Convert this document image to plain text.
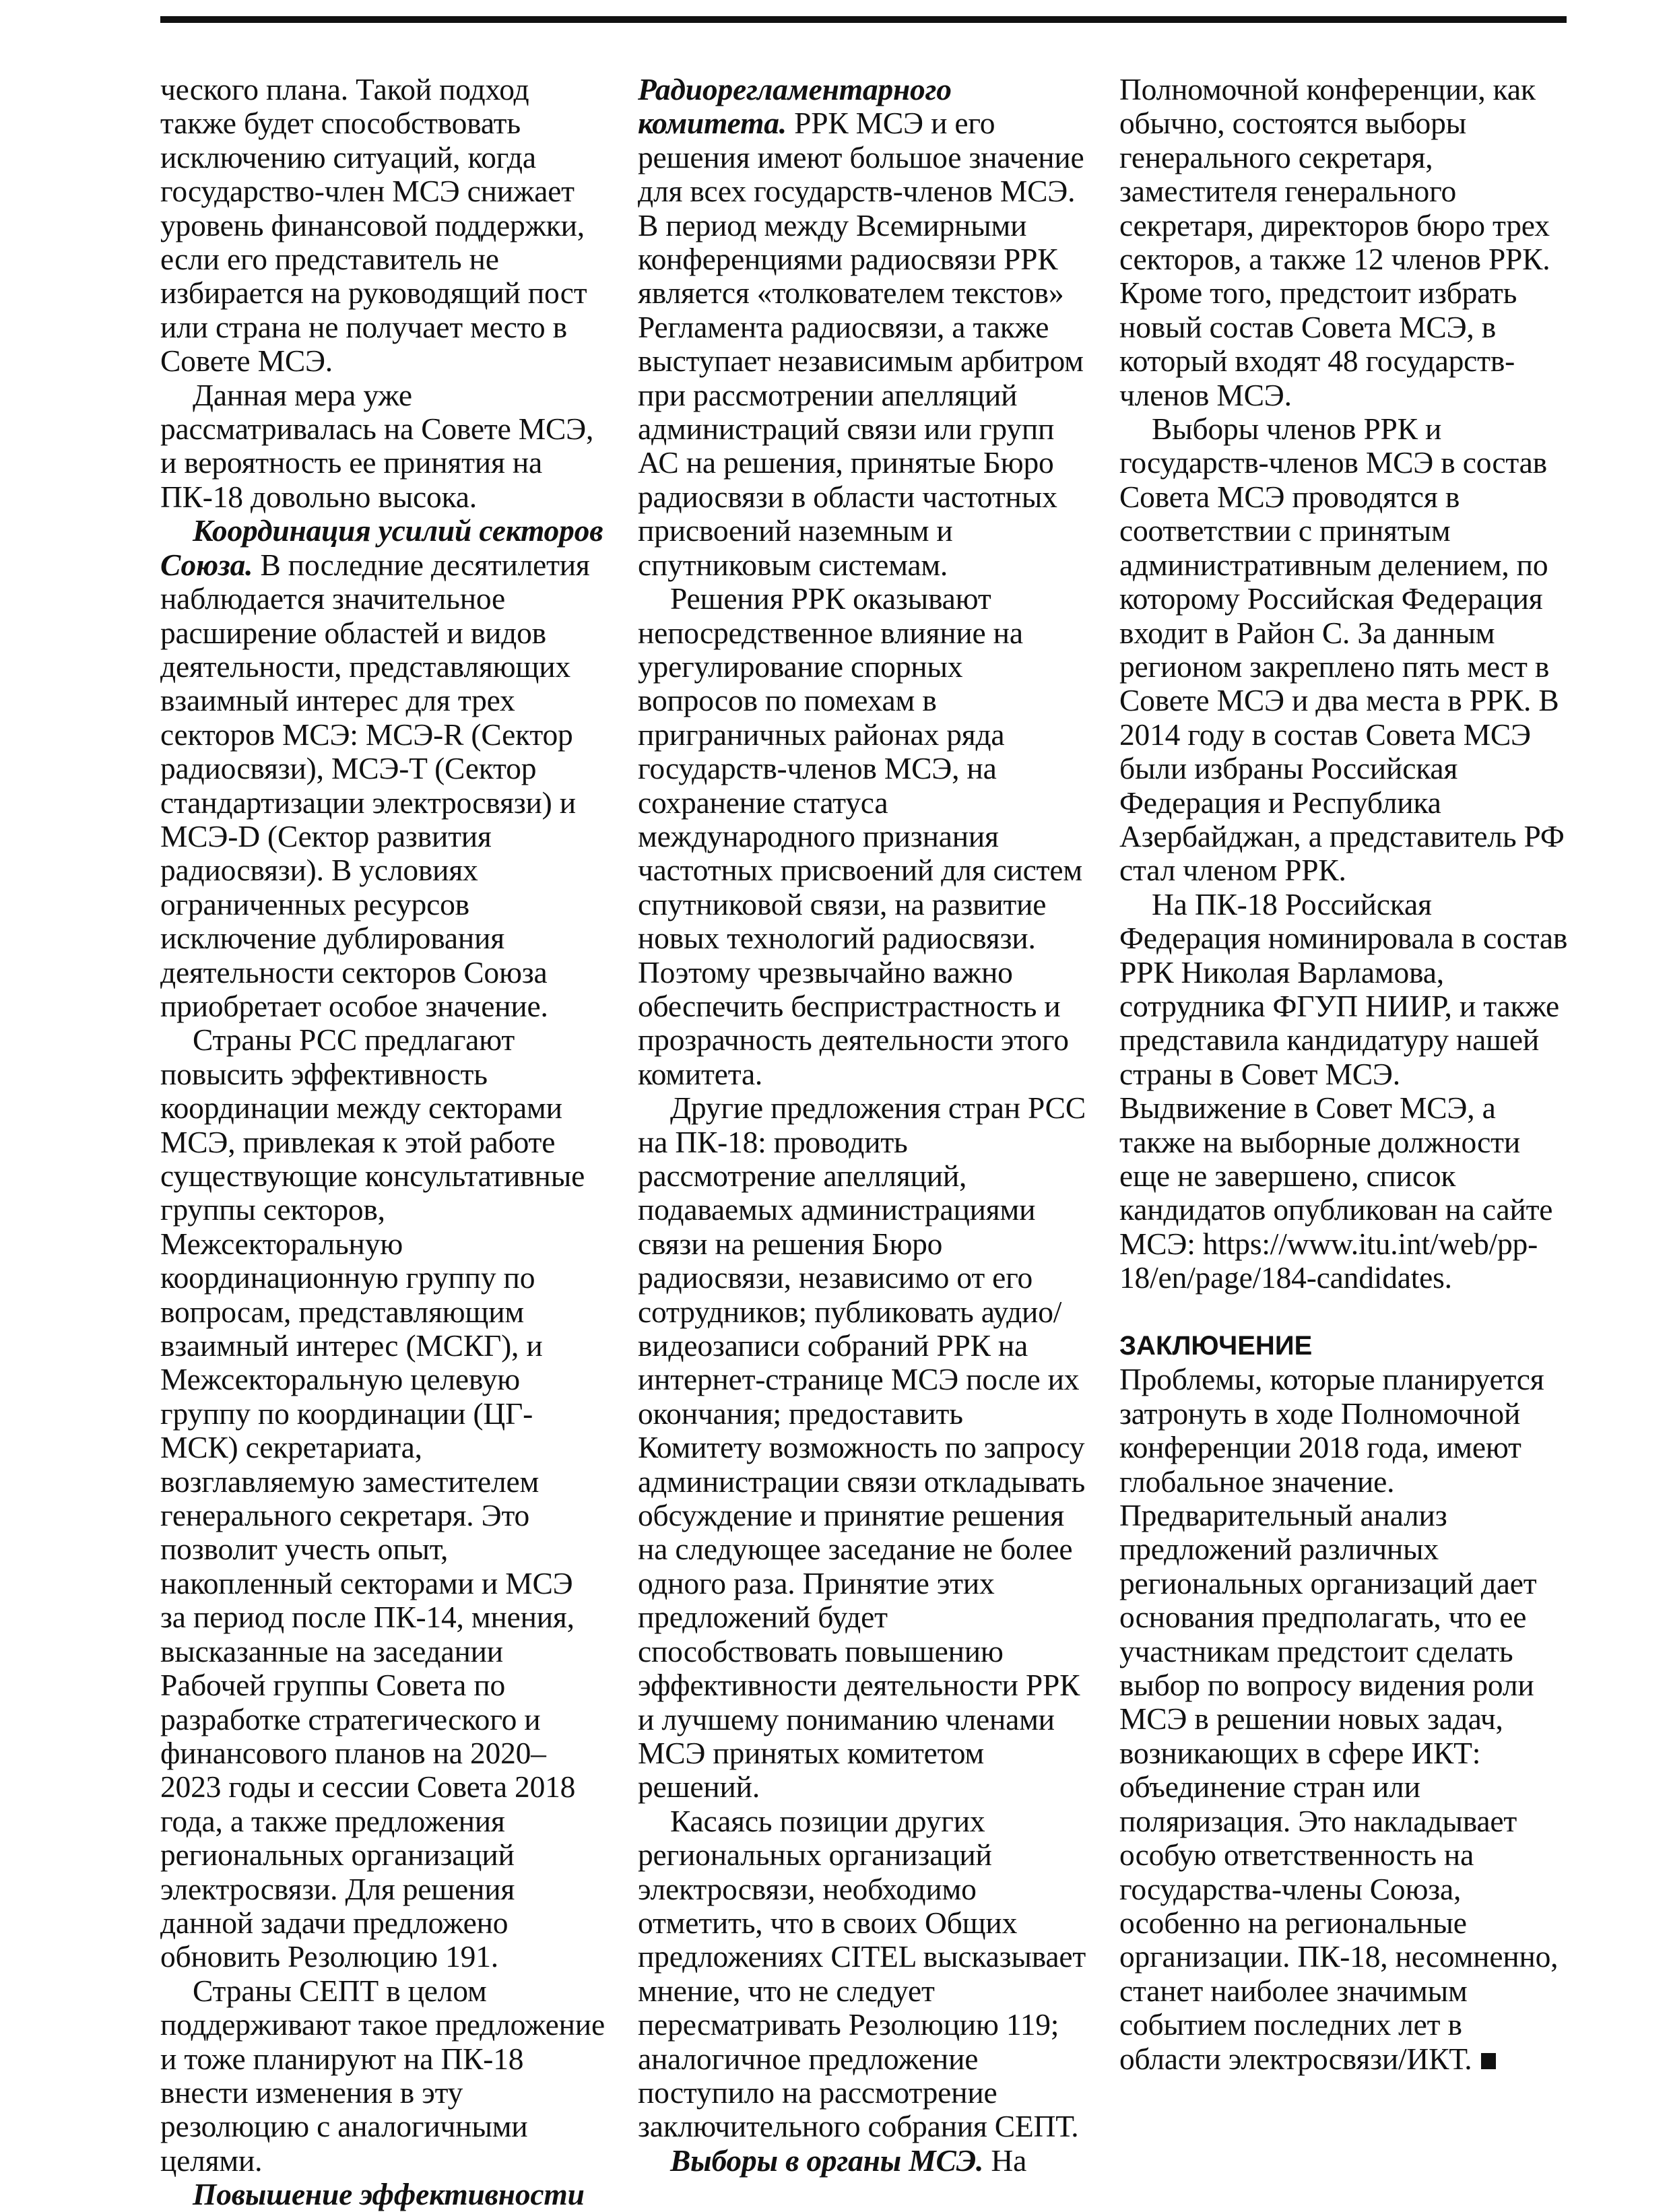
ческого плана. Такой подход также будет способствовать исключению ситуаций, когда государство-член МСЭ снижает уровень финансовой поддержки, если его представитель не избирается на руководящий пост или страна не получает место в Совете МСЭ.

Данная мера уже рассматривалась на Совете МСЭ, и вероятность ее принятия на ПК-18 довольно высока.

Координация усилий секторов Союза. В последние десятилетия наблюдается значительное расширение областей и видов деятельности, представляющих взаимный интерес для трех секторов МСЭ: МСЭ-R (Сектор радиосвязи), МСЭ-T (Сектор стандартизации электросвязи) и МСЭ-D (Сектор развития радиосвязи). В условиях ограниченных ресурсов исключение дублирования деятельности секторов Союза приобретает особое значение.

Страны РСС предлагают повысить эффективность координации между секторами МСЭ, привлекая к этой работе существующие консультативные группы секторов, Межсекторальную координационную группу по вопросам, представляющим взаимный интерес (МСКГ), и Межсекторальную целевую группу по координации (ЦГ-МСК) секретариата, возглавляемую заместителем генерального секретаря. Это позволит учесть опыт, накопленный секторами и МСЭ за период после ПК-14, мнения, высказанные на заседании Рабочей группы Совета по разработке стратегического и финансового планов на 2020–2023 годы и сессии Совета 2018 года, а также предложения региональных организаций электросвязи. Для решения данной задачи предложено обновить Резолюцию 191.

Страны СЕПТ в целом поддерживают такое предложение и тоже планируют на ПК-18 внести изменения в эту резолюцию с аналогичными целями.

Повышение эффективности

Радиорегламентарного комитета. РРК МСЭ и его решения имеют большое значение для всех государств-членов МСЭ. В период между Всемирными конференциями радиосвязи РРК является «толкователем текстов» Регламента радиосвязи, а также выступает независимым арбитром при рассмотрении апелляций администраций связи или групп АС на решения, принятые Бюро радиосвязи в области частотных присвоений наземным и спутниковым системам.

Решения РРК оказывают непосредственное влияние на урегулирование спорных вопросов по помехам в приграничных районах ряда государств-членов МСЭ, на сохранение статуса международного признания частотных присвоений для систем спутниковой связи, на развитие новых технологий радиосвязи. Поэтому чрезвычайно важно обеспечить беспристрастность и прозрачность деятельности этого комитета.

Другие предложения стран РСС на ПК-18: проводить рассмотрение апелляций, подаваемых администрациями связи на решения Бюро радиосвязи, независимо от его сотрудников; публиковать аудио/видеозаписи собраний РРК на интернет-странице МСЭ после их окончания; предоставить Комитету возможность по запросу администрации связи откладывать обсуждение и принятие решения на следующее заседание не более одного раза. Принятие этих предложений будет способствовать повышению эффективности деятельности РРК и лучшему пониманию членами МСЭ принятых комитетом решений.

Касаясь позиции других региональных организаций электросвязи, необходимо отметить, что в своих Общих предложениях CITEL высказывает мнение, что не следует пересматривать Резолюцию 119; аналогичное предложение поступило на рассмотрение заключительного собрания СЕПТ.

Выборы в органы МСЭ. На

Полномочной конференции, как обычно, состоятся выборы генерального секретаря, заместителя генерального секретаря, директоров бюро трех секторов, а также 12 членов РРК. Кроме того, предстоит избрать новый состав Совета МСЭ, в который входят 48 государств-членов МСЭ.

Выборы членов РРК и государств-членов МСЭ в состав Совета МСЭ проводятся в соответствии с принятым административным делением, по которому Российская Федерация входит в Район С. За данным регионом закреплено пять мест в Совете МСЭ и два места в РРК. В 2014 году в состав Совета МСЭ были избраны Российская Федерация и Республика Азербайджан, а представитель РФ стал членом РРК.

На ПК-18 Российская Федерация номинировала в состав РРК Николая Варламова, сотрудника ФГУП НИИР, и также представила кандидатуру нашей страны в Совет МСЭ. Выдвижение в Совет МСЭ, а также на выборные должности еще не завершено, список кандидатов опубликован на сайте МСЭ: https://www.itu.int/web/pp-18/en/page/184-candidates.

ЗАКЛЮЧЕНИЕ

Проблемы, которые планируется затронуть в ходе Полномочной конференции 2018 года, имеют глобальное значение. Предварительный анализ предложений различных региональных организаций дает основания предполагать, что ее участникам предстоит сделать выбор по вопросу видения роли МСЭ в решении новых задач, возникающих в сфере ИКТ: объединение стран или поляризация. Это накладывает особую ответственность на государства-члены Союза, особенно на региональные организации. ПК-18, несомненно, станет наиболее значимым событием последних лет в области электросвязи/ИКТ.
